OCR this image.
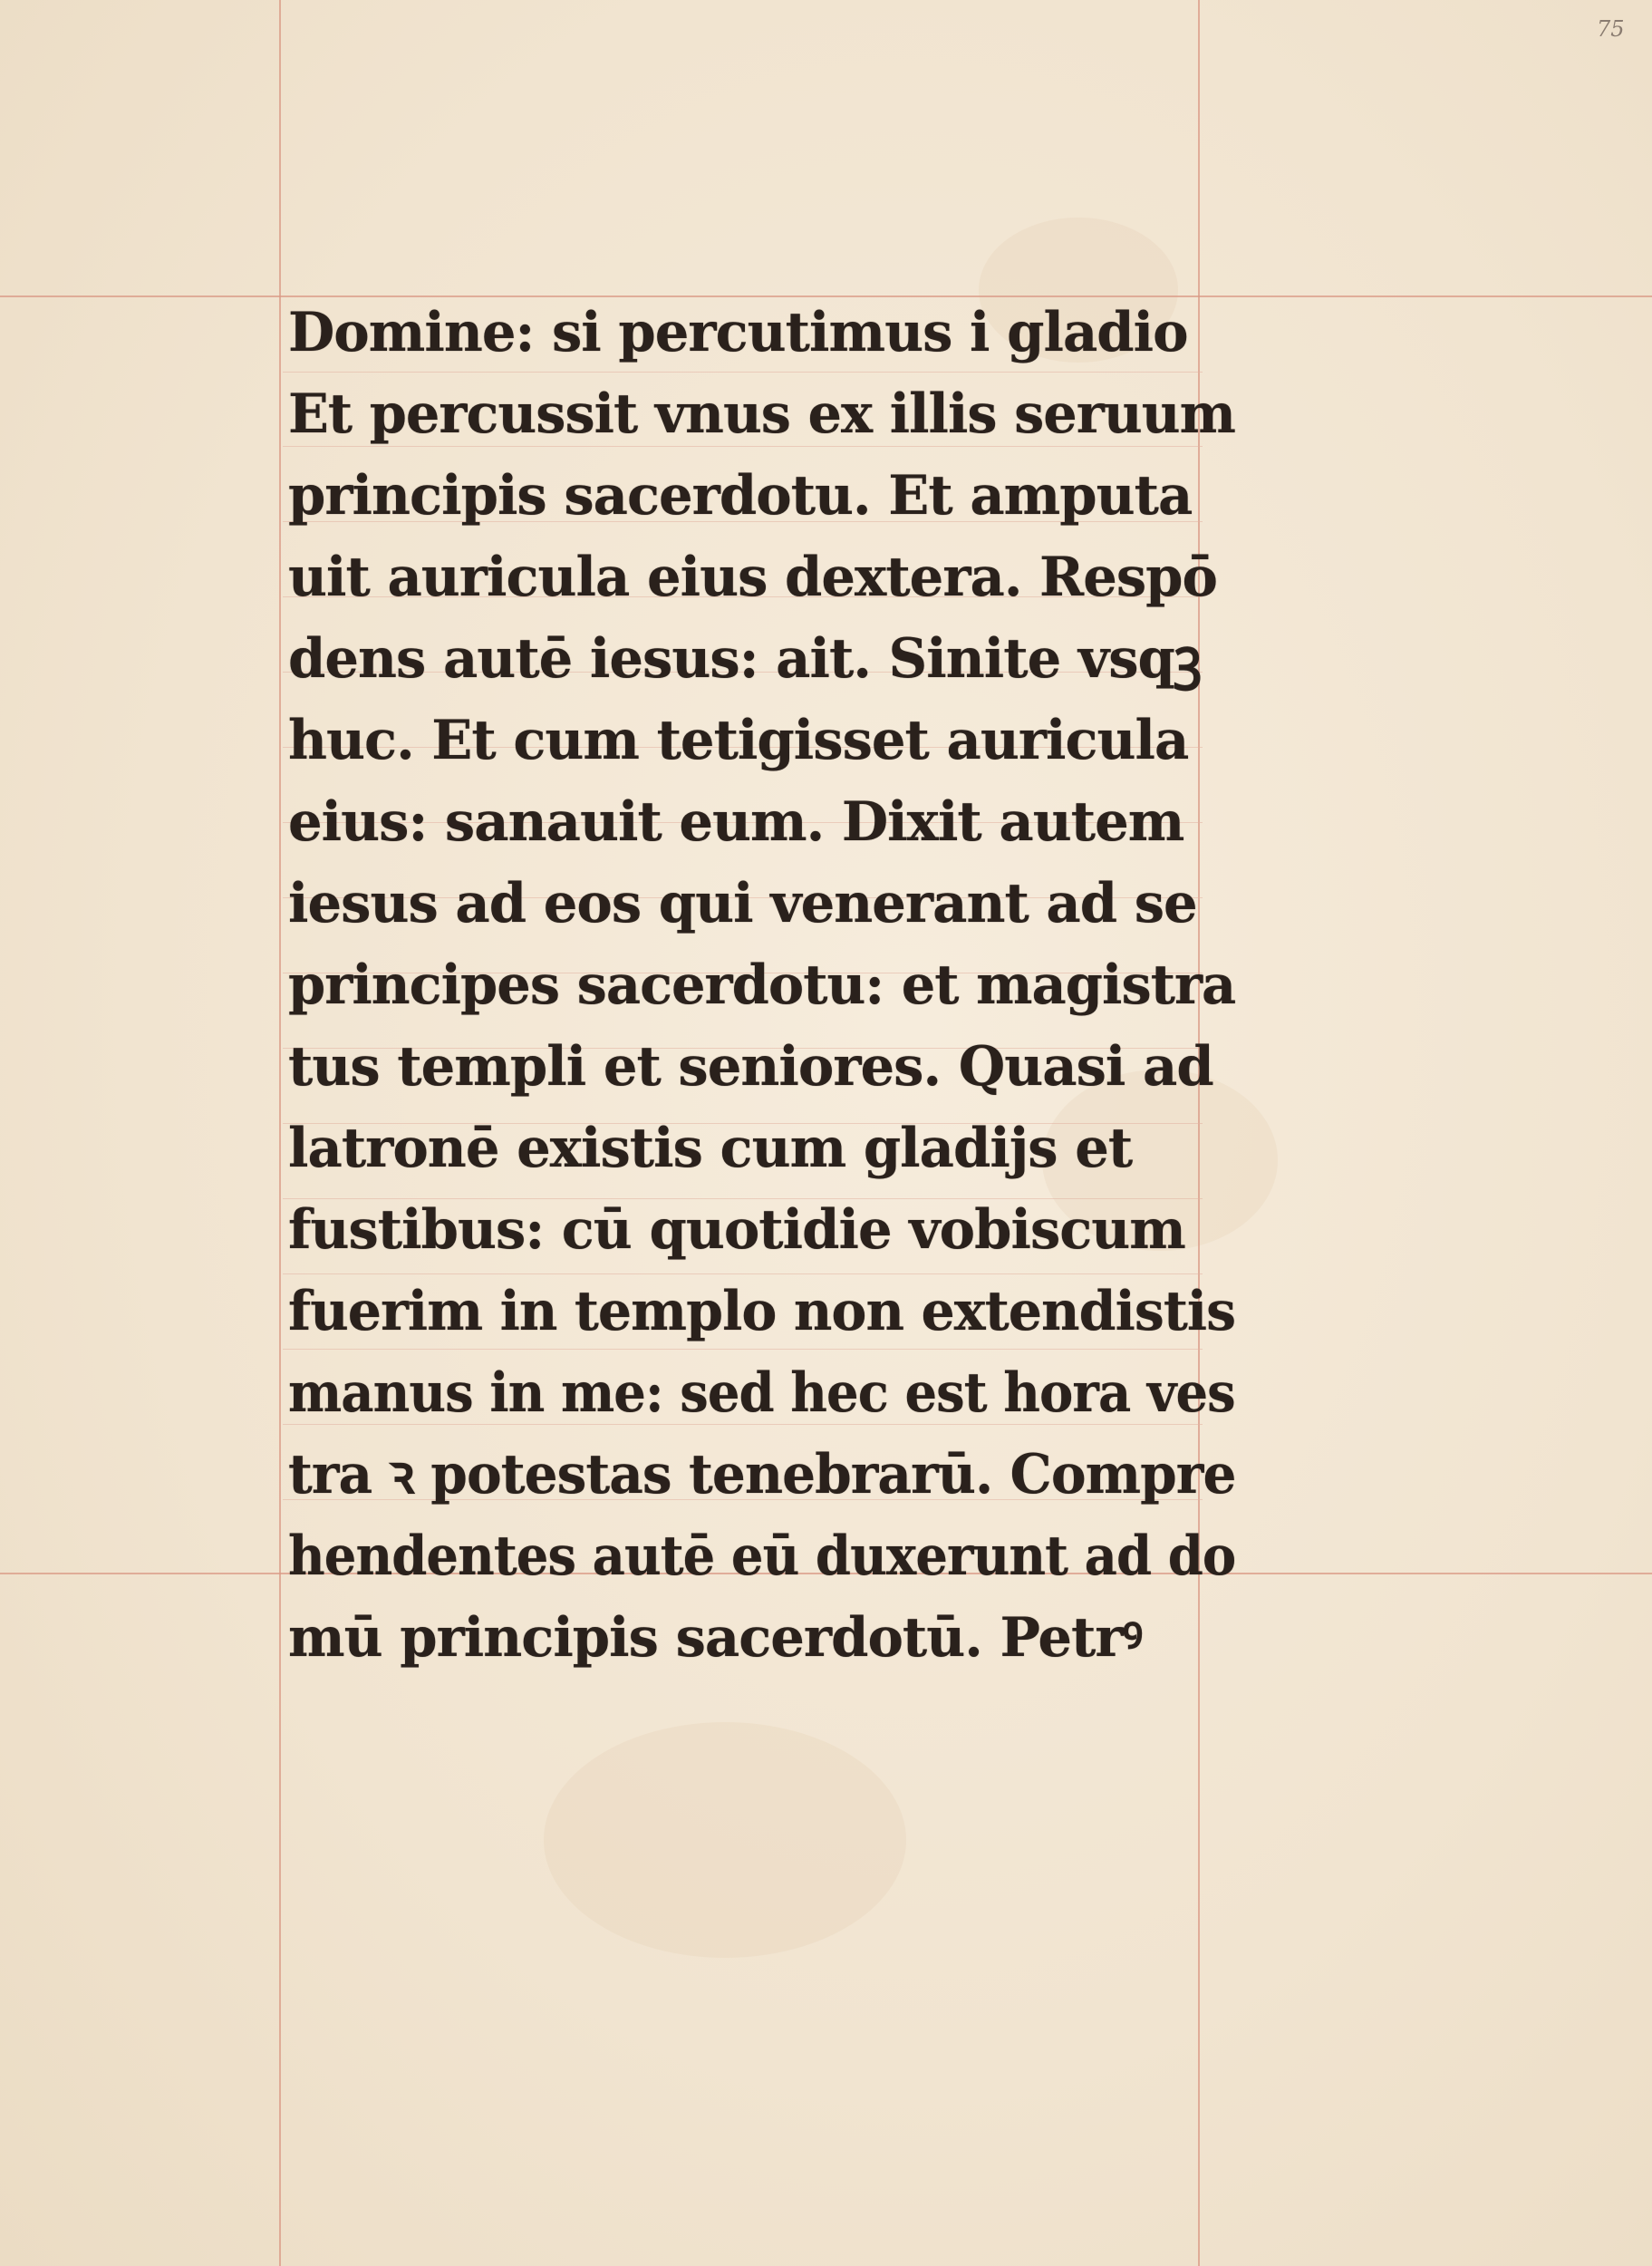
75
Domine: si percutimus i gladio
Et percussit vnus ex illis seruum
principis sacerdotu. Et amputa
uit auricula eius dextera. Respō
dens autē iesus: ait. Sinite vsqꝫ
huc. Et cum tetigisset auricula
eius: sanauit eum. Dixit autem
iesus ad eos qui venerant ad se
principes sacerdotu: et magistra
tus templi et seniores. Quasi ad
latronē existis cum gladijs et
fustibus: cū quotidie vobiscum
fuerim in templo non extendistis
manus in me: sed hec est hora ves
tra ꝛ potestas tenebrarū. Compre
hendentes autē eū duxerunt ad do
mū principis sacerdotū. Petrꝰ
